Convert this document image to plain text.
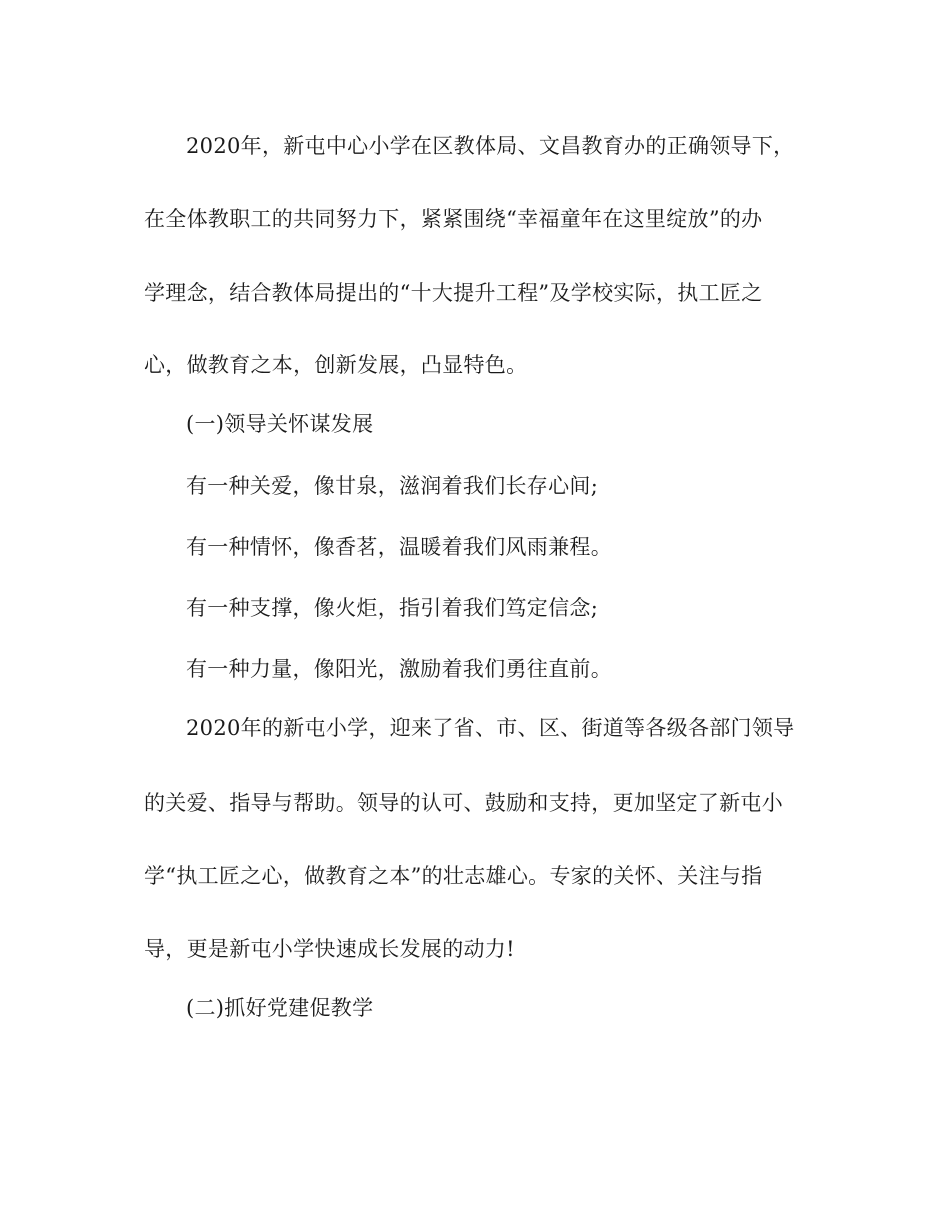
2020年，新屯中心小学在区教体局、文昌教育办的正确领导下，
在全体教职工的共同努力下，紧紧围绕“幸福童年在这里绽放”的办
学理念，结合教体局提出的“十大提升工程”及学校实际，执工匠之
心，做教育之本，创新发展，凸显特色。
(一)领导关怀谋发展
有一种关爱，像甘泉，滋润着我们长存心间;
有一种情怀，像香茗，温暖着我们风雨兼程。
有一种支撑，像火炬，指引着我们笃定信念;
有一种力量，像阳光，激励着我们勇往直前。
2020年的新屯小学，迎来了省、市、区、街道等各级各部门领导
的关爱、指导与帮助。领导的认可、鼓励和支持，更加坚定了新屯小
学“执工匠之心，做教育之本”的壮志雄心。专家的关怀、关注与指
导，更是新屯小学快速成长发展的动力!
(二)抓好党建促教学
